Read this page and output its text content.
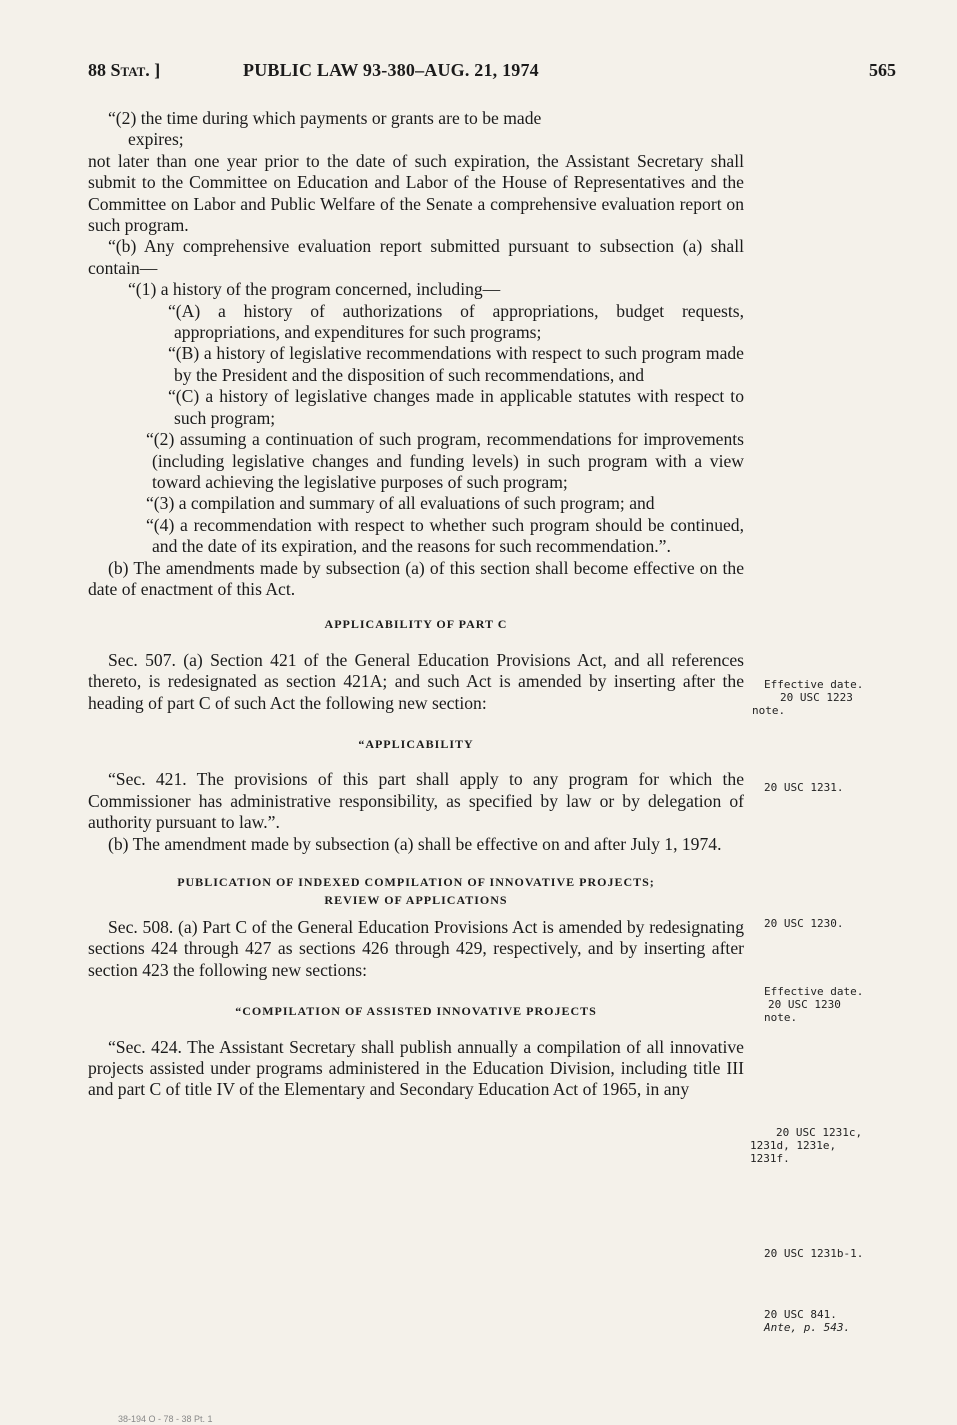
88 Stat. ]	PUBLIC LAW 93-380–AUG. 21, 1974	565

“(2) the time during which payments or grants are to be made

expires;

not later than one year prior to the date of such expiration, the Assistant Secretary shall submit to the Committee on Education and Labor of the House of Representatives and the Committee on Labor and Public Welfare of the Senate a comprehensive evaluation report on such program.

“(b) Any comprehensive evaluation report submitted pursuant to subsection (a) shall contain—

“(1) a history of the program concerned, including—

“(A) a history of authorizations of appropriations, budget requests, appropriations, and expenditures for such programs;

“(B) a history of legislative recommendations with respect to such program made by the President and the disposition of such recommendations, and

“(C) a history of legislative changes made in applicable statutes with respect to such program;

“(2) assuming a continuation of such program, recommendations for improvements (including legislative changes and funding levels) in such program with a view toward achieving the legislative purposes of such program;

“(3) a compilation and summary of all evaluations of such program; and

“(4) a recommendation with respect to whether such program should be continued, and the date of its expiration, and the reasons for such recommendation.”.

(b) The amendments made by subsection (a) of this section shall become effective on the date of enactment of this Act.

APPLICABILITY OF PART C

Sec. 507. (a) Section 421 of the General Education Provisions Act, and all references thereto, is redesignated as section 421A; and such Act is amended by inserting after the heading of part C of such Act the following new section:

“APPLICABILITY

“Sec. 421. The provisions of this part shall apply to any program for which the Commissioner has administrative responsibility, as specified by law or by delegation of authority pursuant to law.”.

(b) The amendment made by subsection (a) shall be effective on and after July 1, 1974.

PUBLICATION OF INDEXED COMPILATION OF INNOVATIVE PROJECTS;
REVIEW OF APPLICATIONS

Sec. 508. (a) Part C of the General Education Provisions Act is amended by redesignating sections 424 through 427 as sections 426 through 429, respectively, and by inserting after section 423 the following new sections:

“COMPILATION OF ASSISTED INNOVATIVE PROJECTS

“Sec. 424. The Assistant Secretary shall publish annually a compilation of all innovative projects assisted under programs administered in the Education Division, including title III and part C of title IV of the Elementary and Secondary Education Act of 1965, in any

Effective date.
20 USC 1223
note.
20 USC 1231.
20 USC 1230.
Effective date.
20 USC 1230
note.
20 USC 1231c,
1231d, 1231e,
1231f.
20 USC 1231b-1.
20 USC 841.
Ante, p. 543.
38-194 O - 78 - 38 Pt. 1
